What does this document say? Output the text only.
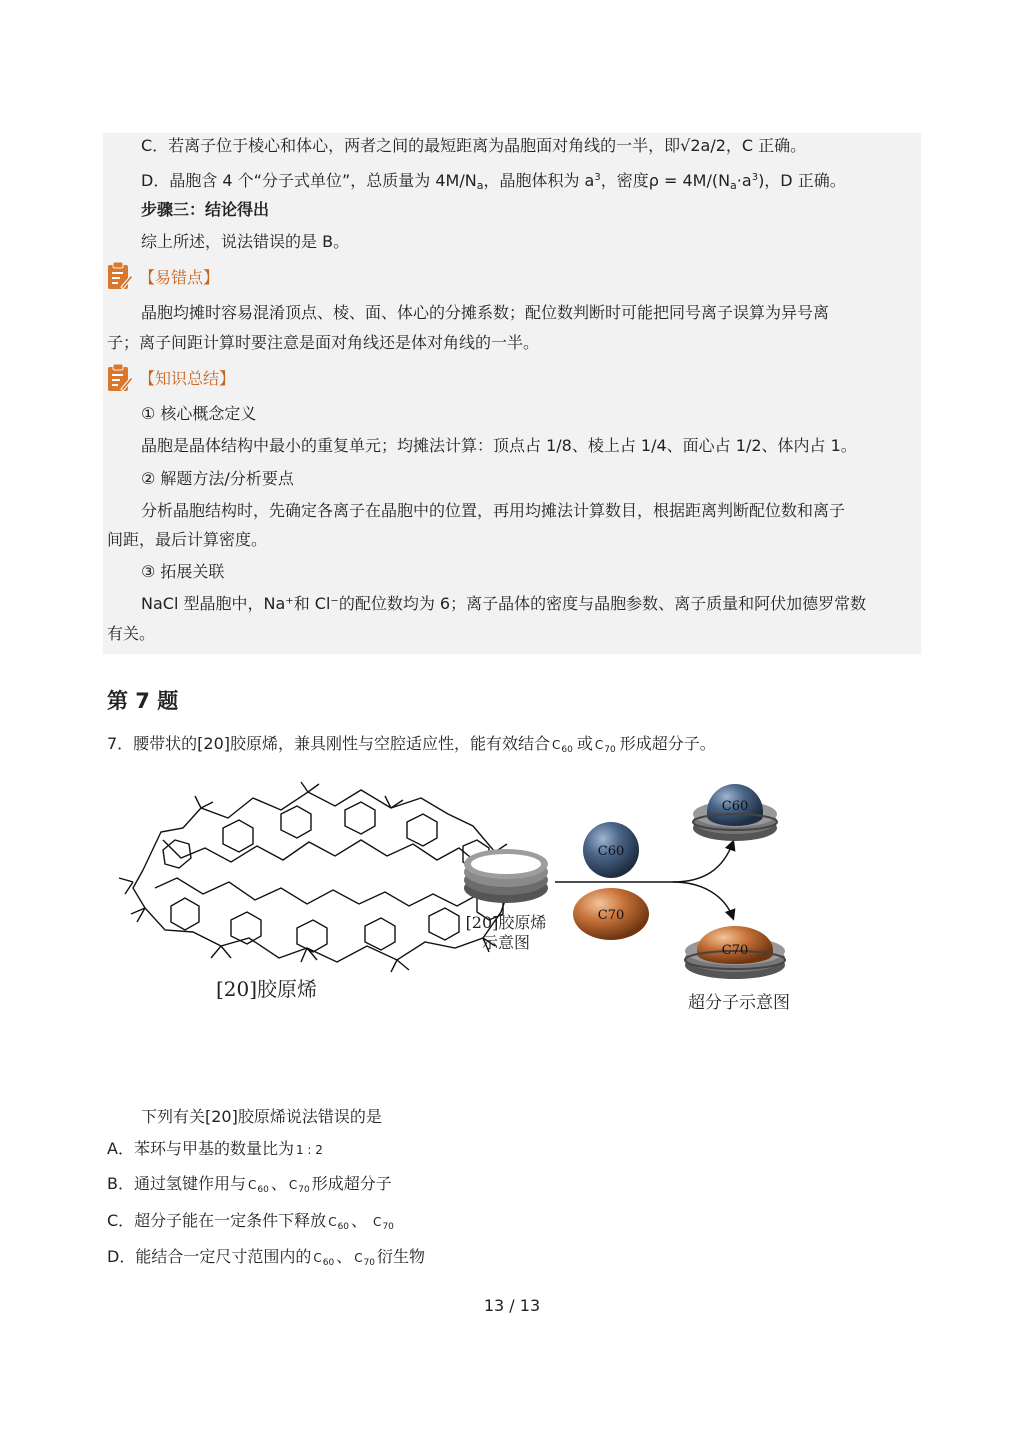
C．若离子位于棱心和体心，两者之间的最短距离为晶胞面对角线的一半，即√2a/2，C 正确。
D．晶胞含 4 个“分子式单位”，总质量为 $4M/N_a$，晶胞体积为 $a^3$，密度$\rho = 4M/(N_a\cdot a^3)$，D 正确。
步骤三：结论得出
综上所述，说法错误的是 B。
【易错点】
晶胞均摊时容易混淆顶点、棱、面、体心的分摊系数；配位数判断时可能把同号离子误算为异号离
子；离子间距计算时要注意是面对角线还是体对角线的一半。
【知识总结】
① 核心概念定义
晶胞是晶体结构中最小的重复单元；均摊法计算：顶点占 1/8、棱上占 1/4、面心占 1/2、体内占 1。
② 解题方法/分析要点
分析晶胞结构时，先确定各离子在晶胞中的位置，再用均摊法计算数目，根据距离判断配位数和离子
间距，最后计算密度。
③ 拓展关联
NaCl 型晶胞中，Na⁺和 Cl⁻的配位数均为 6；离子晶体的密度与晶胞参数、离子质量和阿伏加德罗常数
有关。
第 7 题
7．腰带状的[20]胶原烯，兼具刚性与空腔适应性，能有效结合 C60 或 C70 形成超分子。
[20]胶原烯
[20]胶原烯
示意图
C60
C70
C60
C70
超分子示意图
下列有关[20]胶原烯说法错误的是
A．苯环与甲基的数量比为 1 : 2
B．通过氢键作用与 C60 、 C70 形成超分子
C．超分子能在一定条件下释放 C60 、 C70
D．能结合一定尺寸范围内的 C60 、 C70 衍生物
13 / 13
